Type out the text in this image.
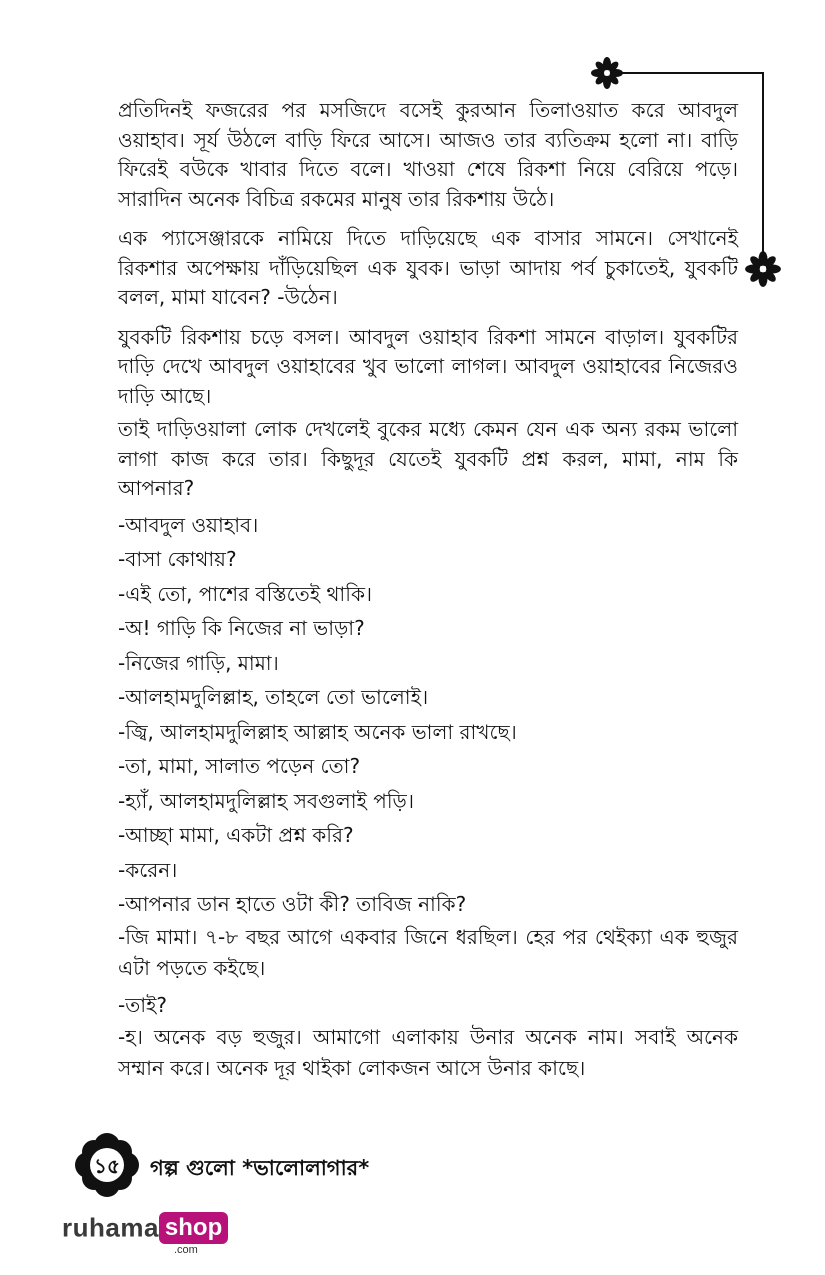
প্রতিদিনই ফজরের পর মসজিদে বসেই কুরআন তিলাওয়াত করে আবদুল ওয়াহাব। সূর্য উঠলে বাড়ি ফিরে আসে। আজও তার ব্যতিক্রম হলো না। বাড়ি ফিরেই বউকে খাবার দিতে বলে। খাওয়া শেষে রিকশা নিয়ে বেরিয়ে পড়ে। সারাদিন অনেক বিচিত্র রকমের মানুষ তার রিকশায় উঠে।

এক প্যাসেঞ্জারকে নামিয়ে দিতে দাড়িয়েছে এক বাসার সামনে। সেখানেই রিকশার অপেক্ষায় দাঁড়িয়েছিল এক যুবক। ভাড়া আদায় পর্ব চুকাতেই, যুবকটি বলল, মামা যাবেন? -উঠেন।

যুবকটি রিকশায় চড়ে বসল। আবদুল ওয়াহাব রিকশা সামনে বাড়াল। যুবকটির দাড়ি দেখে আবদুল ওয়াহাবের খুব ভালো লাগল। আবদুল ওয়াহাবের নিজেরও দাড়ি আছে।

তাই দাড়িওয়ালা লোক দেখলেই বুকের মধ্যে কেমন যেন এক অন্য রকম ভালো লাগা কাজ করে তার। কিছুদূর যেতেই যুবকটি প্রশ্ন করল, মামা, নাম কি আপনার?

-আবদুল ওয়াহাব।

-বাসা কোথায়?

-এই তো, পাশের বস্তিতেই থাকি।

-অ! গাড়ি কি নিজের না ভাড়া?

-নিজের গাড়ি, মামা।

-আলহামদুলিল্লাহ, তাহলে তো ভালোই।

-জ্বি, আলহামদুলিল্লাহ আল্লাহ অনেক ভালা রাখছে।

-তা, মামা, সালাত পড়েন তো?

-হ্যাঁ, আলহামদুলিল্লাহ সবগুলাই পড়ি।

-আচ্ছা মামা, একটা প্রশ্ন করি?

-করেন।

-আপনার ডান হাতে ওটা কী? তাবিজ নাকি?

-জি মামা। ৭-৮ বছর আগে একবার জিনে ধরছিল। হের পর থেইক্যা এক হুজুর এটা পড়তে কইছে।

-তাই?

-হ। অনেক বড় হুজুর। আমাগো এলাকায় উনার অনেক নাম। সবাই অনেক সম্মান করে। অনেক দূর থাইকা লোকজন আসে উনার কাছে।

১৫	গল্প গুলো *ভালোলাগার*
ruhama shop
.com
